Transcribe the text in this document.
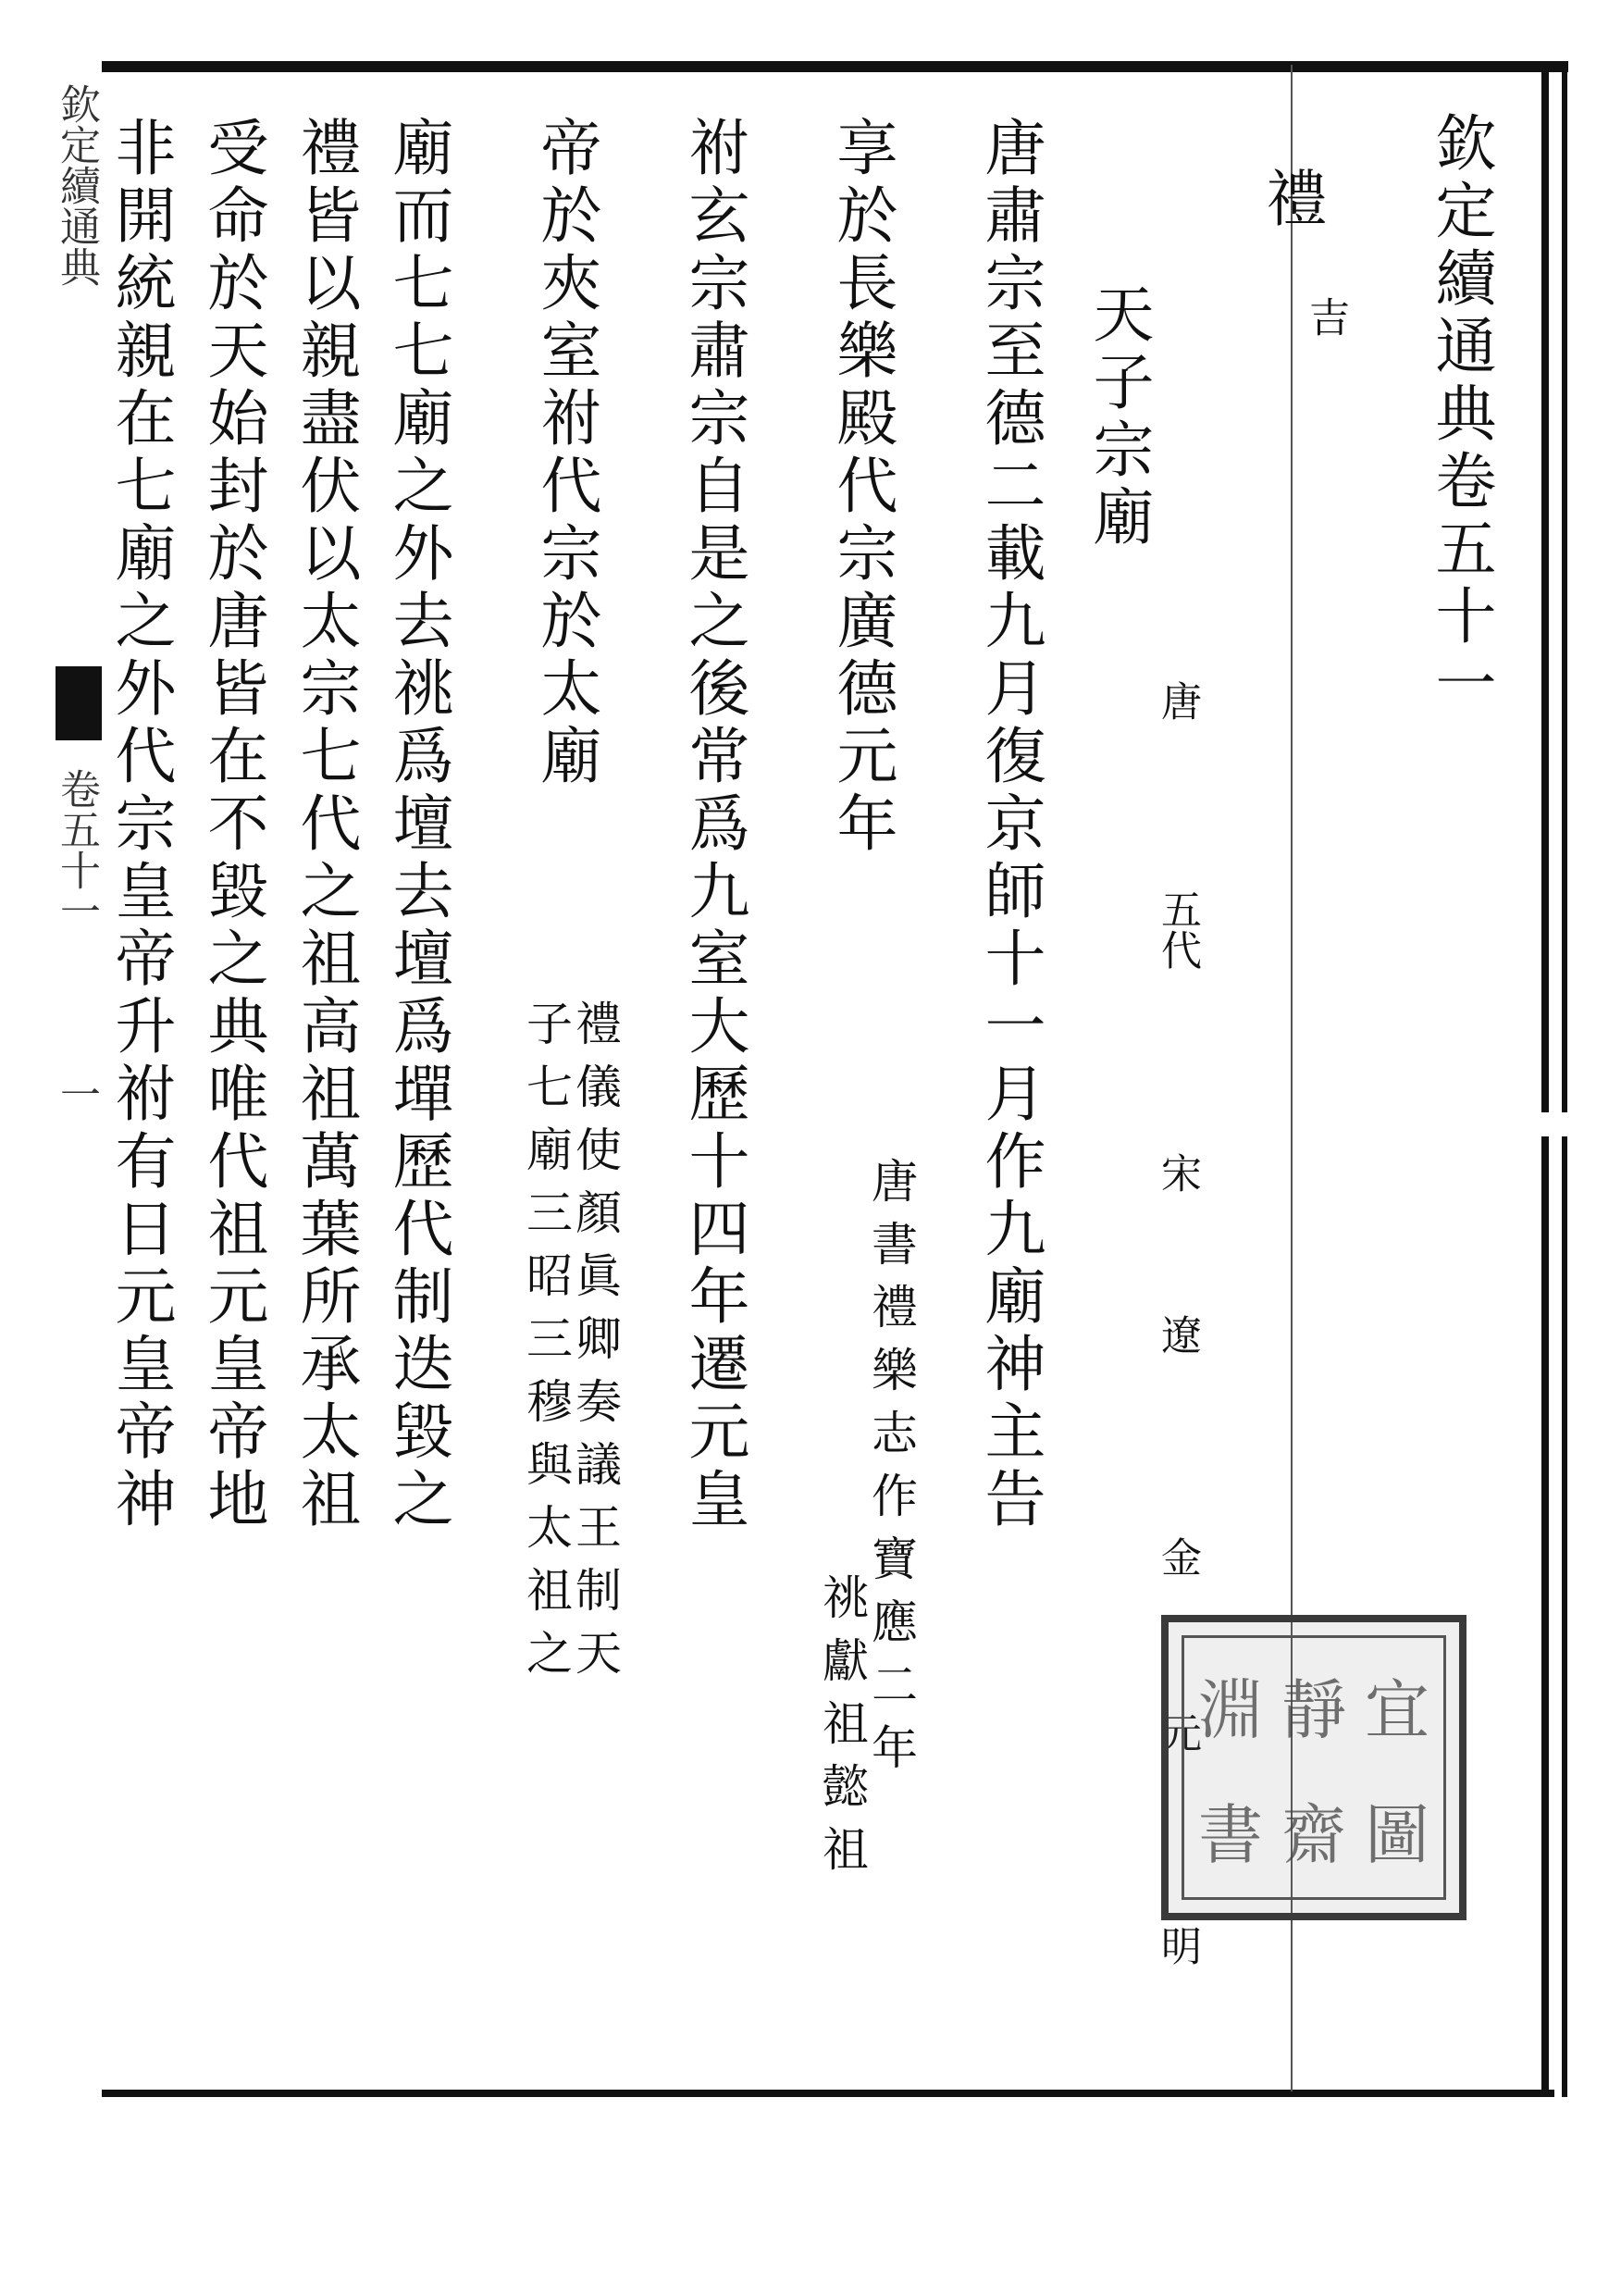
欽定續通典卷五十一
禮
吉
天子宗廟
唐
五代
宋
遼
金
元
明
唐肅宗至德二載九月復京師十一月作九廟神主告
享於長樂殿代宗廣德元年
唐書禮樂志作寶應二年
祧獻祖懿祖
祔玄宗肅宗自是之後常爲九室大歷十四年遷元皇
帝於夾室祔代宗於太廟
禮儀使顏眞卿奏議王制天
子七廟三昭三穆與太祖之
廟而七七廟之外去祧爲壇去壇爲墠歷代制迭毀之
禮皆以親盡伏以太宗七代之祖高祖萬葉所承太祖
受命於天始封於唐皆在不毀之典唯代祖元皇帝地
非開統親在七廟之外代宗皇帝升祔有日元皇帝神
欽定續通典
卷五十一
一
淵 靜 宜
書 齋 圖
